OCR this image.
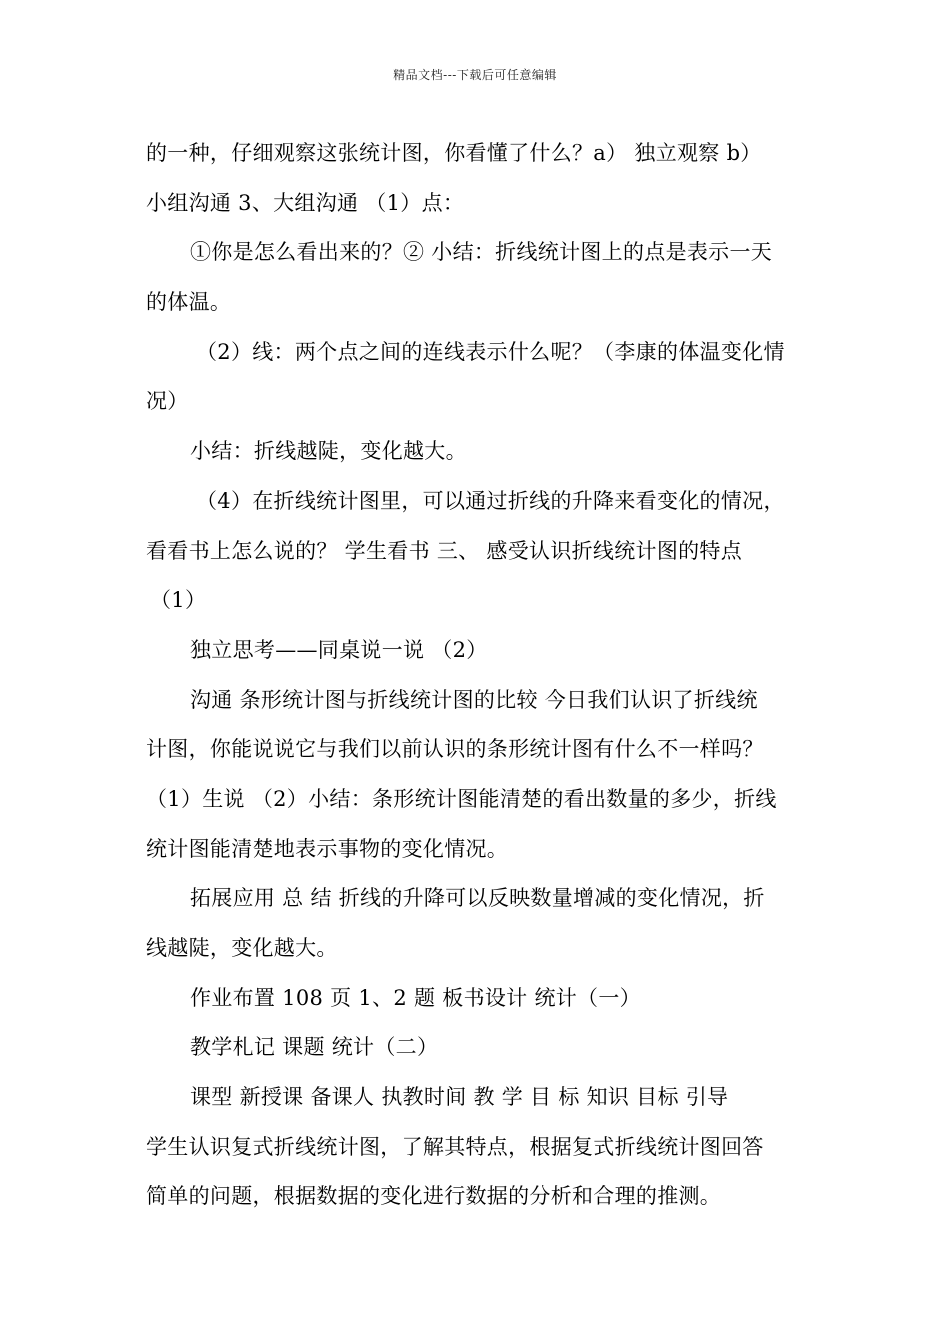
精品文档---下载后可任意编辑
的一种，仔细观察这张统计图，你看懂了什么？a） 独立观察 b）
小组沟通 3、大组沟通 （1）点：
①你是怎么看出来的？② 小结：折线统计图上的点是表示一天
的体温。
（2）线：两个点之间的连线表示什么呢？（李康的体温变化情
况）
小结：折线越陡，变化越大。
（4）在折线统计图里，可以通过折线的升降来看变化的情况，
看看书上怎么说的？ 学生看书 三、 感受认识折线统计图的特点
（1）
独立思考——同桌说一说 （2）
沟通 条形统计图与折线统计图的比较 今日我们认识了折线统
计图，你能说说它与我们以前认识的条形统计图有什么不一样吗？
（1）生说 （2）小结：条形统计图能清楚的看出数量的多少，折线
统计图能清楚地表示事物的变化情况。
拓展应用 总 结 折线的升降可以反映数量增减的变化情况，折
线越陡，变化越大。
作业布置 108 页 1、2 题 板书设计 统计（一）
教学札记 课题 统计（二）
课型 新授课 备课人 执教时间 教 学 目 标 知识 目标 引导
学生认识复式折线统计图，了解其特点，根据复式折线统计图回答
简单的问题，根据数据的变化进行数据的分析和合理的推测。
